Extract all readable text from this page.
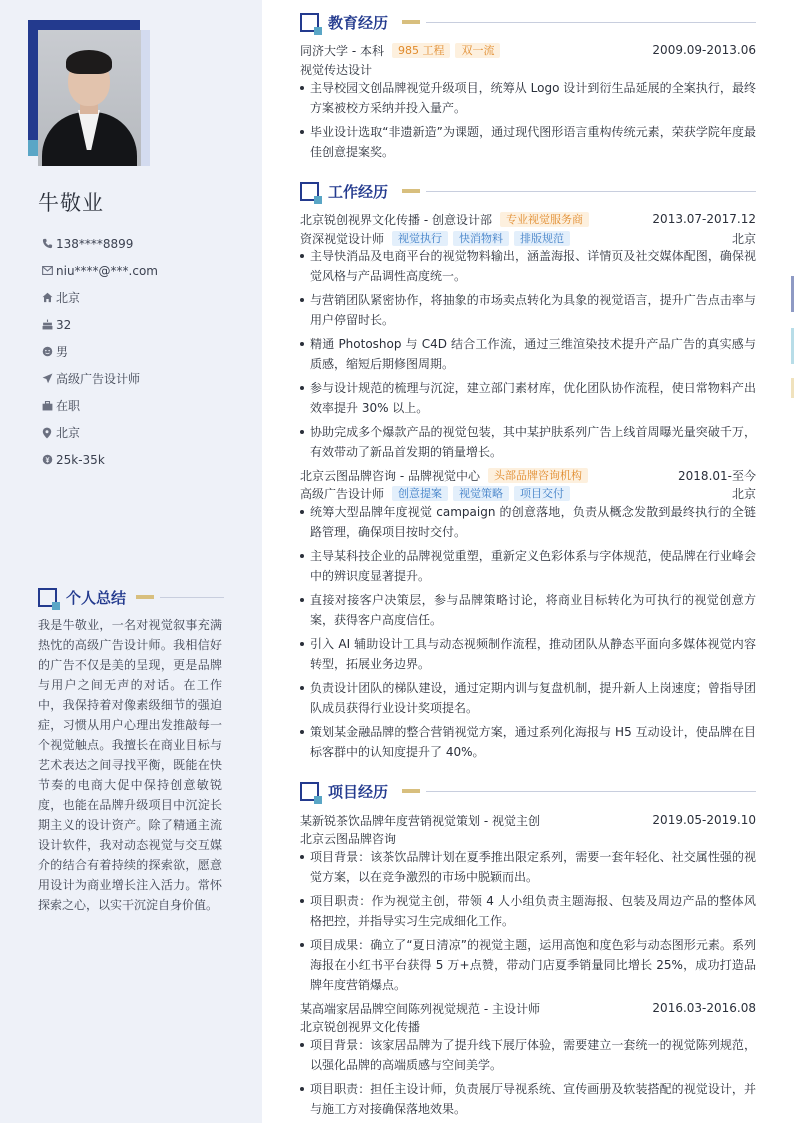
牛敬业
138****8899
niu****@***.com
北京
32
男
高级广告设计师
在职
北京
25k-35k
个人总结

我是牛敬业，一名对视觉叙事充满热忱的高级广告设计师。我相信好的广告不仅是美的呈现，更是品牌与用户之间无声的对话。在工作中，我保持着对像素级细节的强迫症，习惯从用户心理出发推敲每一个视觉触点。我擅长在商业目标与艺术表达之间寻找平衡，既能在快节奏的电商大促中保持创意敏锐度，也能在品牌升级项目中沉淀长期主义的设计资产。除了精通主流设计软件，我对动态视觉与交互媒介的结合有着持续的探索欲，愿意用设计为商业增长注入活力。常怀探索之心，以实干沉淀自身价值。

教育经历
同济大学 - 本科	985 工程	双一流	2009.09-2013.06
视觉传达设计
主导校园文创品牌视觉升级项目，统筹从 Logo 设计到衍生品延展的全案执行，最终方案被校方采纳并投入量产。
毕业设计选取“非遗新造”为课题，通过现代图形语言重构传统元素，荣获学院年度最佳创意提案奖。
工作经历
北京锐创视界文化传播 - 创意设计部	专业视觉服务商	2013.07-2017.12
资深视觉设计师	视觉执行	快消物料	排版规范	北京
主导快消品及电商平台的视觉物料输出，涵盖海报、详情页及社交媒体配图，确保视觉风格与产品调性高度统一。
与营销团队紧密协作，将抽象的市场卖点转化为具象的视觉语言，提升广告点击率与用户停留时长。
精通 Photoshop 与 C4D 结合工作流，通过三维渲染技术提升产品广告的真实感与质感，缩短后期修图周期。
参与设计规范的梳理与沉淀，建立部门素材库，优化团队协作流程，使日常物料产出效率提升 30% 以上。
协助完成多个爆款产品的视觉包装，其中某护肤系列广告上线首周曝光量突破千万，有效带动了新品首发期的销量增长。
北京云图品牌咨询 - 品牌视觉中心	头部品牌咨询机构	2018.01-至今
高级广告设计师	创意提案	视觉策略	项目交付	北京
统筹大型品牌年度视觉 campaign 的创意落地，负责从概念发散到最终执行的全链路管理，确保项目按时交付。
主导某科技企业的品牌视觉重塑，重新定义色彩体系与字体规范，使品牌在行业峰会中的辨识度显著提升。
直接对接客户决策层，参与品牌策略讨论，将商业目标转化为可执行的视觉创意方案，获得客户高度信任。
引入 AI 辅助设计工具与动态视频制作流程，推动团队从静态平面向多媒体视觉内容转型，拓展业务边界。
负责设计团队的梯队建设，通过定期内训与复盘机制，提升新人上岗速度；曾指导团队成员获得行业设计奖项提名。
策划某金融品牌的整合营销视觉方案，通过系列化海报与 H5 互动设计，使品牌在目标客群中的认知度提升了 40%。
项目经历
某新锐茶饮品牌年度营销视觉策划 - 视觉主创	2019.05-2019.10
北京云图品牌咨询
项目背景：该茶饮品牌计划在夏季推出限定系列，需要一套年轻化、社交属性强的视觉方案，以在竞争激烈的市场中脱颖而出。
项目职责：作为视觉主创，带领 4 人小组负责主题海报、包装及周边产品的整体风格把控，并指导实习生完成细化工作。
项目成果：确立了“夏日清凉”的视觉主题，运用高饱和度色彩与动态图形元素。系列海报在小红书平台获得 5 万+点赞，带动门店夏季销量同比增长 25%，成功打造品牌年度营销爆点。
某高端家居品牌空间陈列视觉规范 - 主设计师	2016.03-2016.08
北京锐创视界文化传播
项目背景：该家居品牌为了提升线下展厅体验，需要建立一套统一的视觉陈列规范，以强化品牌的高端质感与空间美学。
项目职责：担任主设计师，负责展厅导视系统、宣传画册及软装搭配的视觉设计，并与施工方对接确保落地效果。
